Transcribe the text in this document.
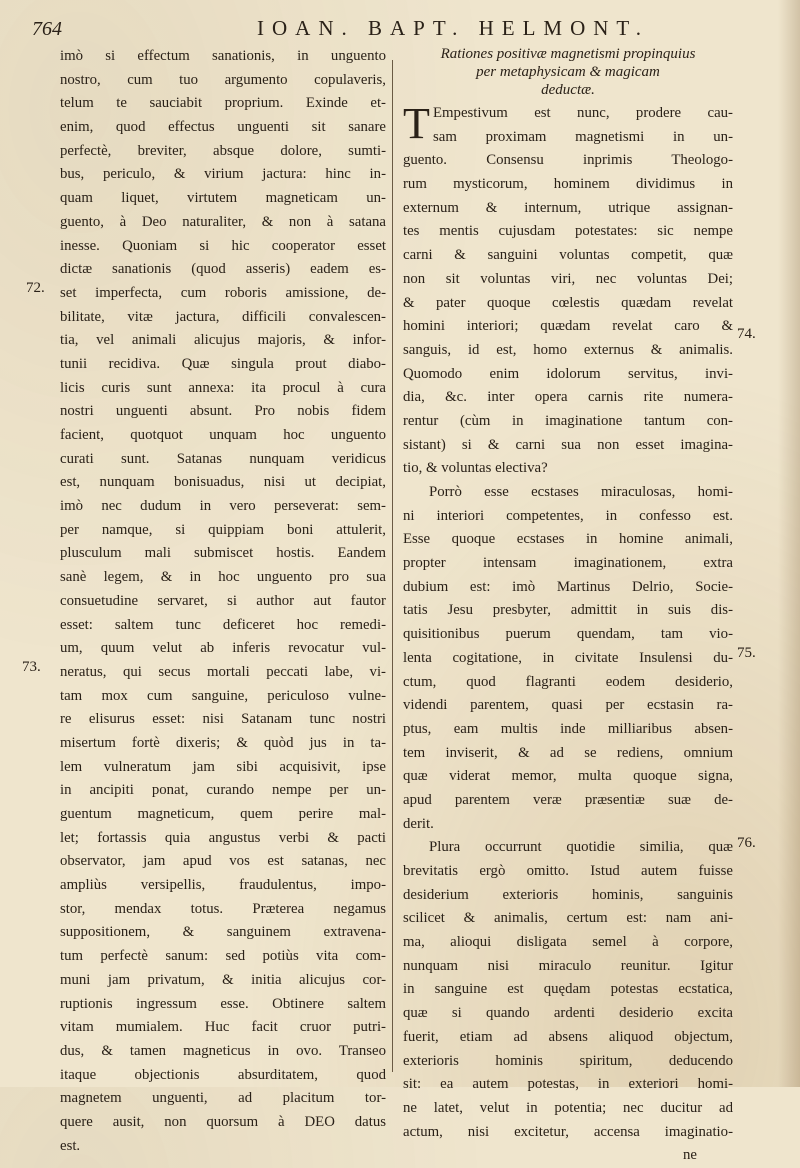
764	IOAN. BAPT. HELMONT.
72.
73.
74.
75.
76.
imò si effectum sanationis, in unguento
nostro, cum tuo argumento copulaveris,
telum te sauciabit proprium. Exinde et-
enim, quod effectus unguenti sit sanare
perfectè, breviter, absque dolore, sumti-
bus, periculo, & virium jactura: hinc in-
quam liquet, virtutem magneticam un-
guento, à Deo naturaliter, & non à satana
inesse. Quoniam si hic cooperator esset
dictæ sanationis (quod asseris) eadem es-
set imperfecta, cum roboris amissione, de-
bilitate, vitæ jactura, difficili convalescen-
tia, vel animali alicujus majoris, & infor-
tunii recidiva. Quæ singula prout diabo-
licis curis sunt annexa: ita procul à cura
nostri unguenti absunt. Pro nobis fidem
facient, quotquot unquam hoc unguento
curati sunt. Satanas nunquam veridicus
est, nunquam bonisuadus, nisi ut decipiat,
imò nec dudum in vero perseverat: sem-
per namque, si quippiam boni attulerit,
plusculum mali submiscet hostis. Eandem
sanè legem, & in hoc unguento pro sua
consuetudine servaret, si author aut fautor
esset: saltem tunc deficeret hoc remedi-
um, quum velut ab inferis revocatur vul-
neratus, qui secus mortali peccati labe, vi-
tam mox cum sanguine, periculoso vulne-
re elisurus esset: nisi Satanam tunc nostri
misertum fortè dixeris; & quòd jus in ta-
lem vulneratum jam sibi acquisivit, ipse
in ancipiti ponat, curando nempe per un-
guentum magneticum, quem perire mal-
let; fortassis quia angustus verbi & pacti
observator, jam apud vos est satanas, nec
ampliùs versipellis, fraudulentus, impo-
stor, mendax totus. Præterea negamus
suppositionem, & sanguinem extravena-
tum perfectè sanum: sed potiùs vita com-
muni jam privatum, & initia alicujus cor-
ruptionis ingressum esse. Obtinere saltem
vitam mumialem. Huc facit cruor putri-
dus, & tamen magneticus in ovo. Transeo
itaque objectionis absurditatem, quod
magnetem unguenti, ad placitum tor-
quere ausit, non quorsum à DEO datus
est.
Rationes positivæ magnetismi propinquius
per metaphysicam & magicam
deductæ.
Empestivum est nunc, prodere cau-
sam proximam magnetismi in un-
guento. Consensu inprimis Theologo-
rum mysticorum, hominem dividimus in
externum & internum, utrique assignan-
tes mentis cujusdam potestates: sic nempe
carni & sanguini voluntas competit, quæ
non sit voluntas viri, nec voluntas Dei;
& pater quoque cœlestis quædam revelat
homini interiori; quædam revelat caro &
sanguis, id est, homo externus & animalis.
Quomodo enim idolorum servitus, invi-
dia, &c. inter opera carnis rite numera-
rentur (cùm in imaginatione tantum con-
sistant) si & carni sua non esset imagina-
tio, & voluntas electiva?
Porrò esse ecstases miraculosas, homi-
ni interiori competentes, in confesso est.
Esse quoque ecstases in homine animali,
propter intensam imaginationem, extra
dubium est: imò Martinus Delrio, Socie-
tatis Jesu presbyter, admittit in suis dis-
quisitionibus puerum quendam, tam vio-
lenta cogitatione, in civitate Insulensi du-
ctum, quod flagranti eodem desiderio,
videndi parentem, quasi per ecstasin ra-
ptus, eam multis inde milliaribus absen-
tem inviserit, & ad se rediens, omnium
quæ viderat memor, multa quoque signa,
apud parentem veræ præsentiæ suæ de-
derit.
Plura occurrunt quotidie similia, quæ
brevitatis ergò omitto. Istud autem fuisse
desiderium exterioris hominis, sanguinis
scilicet & animalis, certum est: nam ani-
ma, alioqui disligata semel à corpore,
nunquam nisi miraculo reunitur. Igitur
in sanguine est quędam potestas ecstatica,
quæ si quando ardenti desiderio excita
fuerit, etiam ad absens aliquod objectum,
exterioris hominis spiritum, deducendo
sit: ea autem potestas, in exteriori homi-
ne latet, velut in potentia; nec ducitur ad
actum, nisi excitetur, accensa imaginatio-
ne
T
